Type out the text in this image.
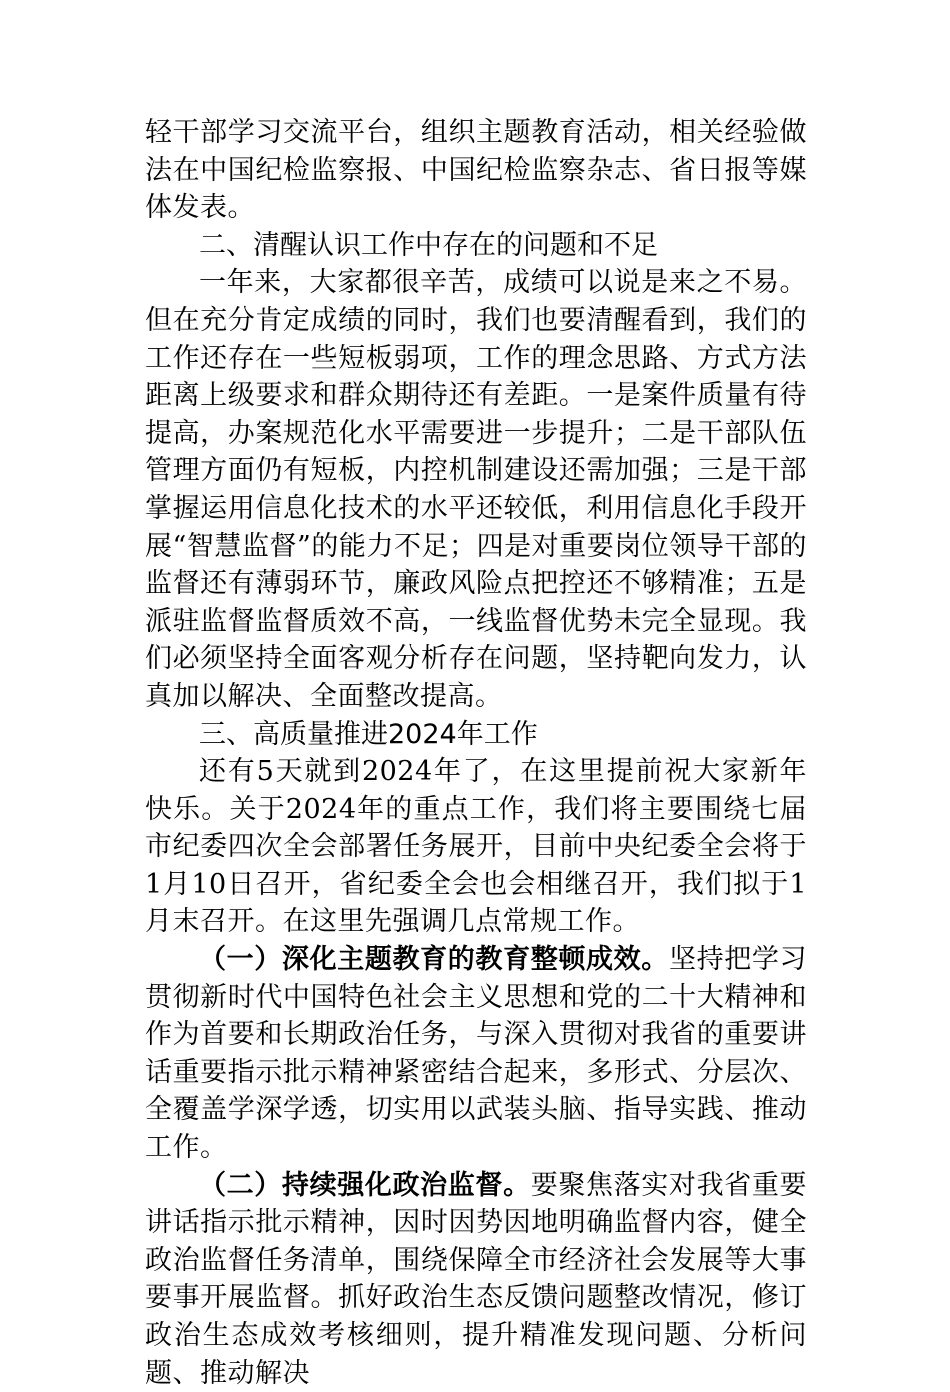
轻干部学习交流平台，组织主题教育活动，相关经验做法在中国纪检监察报、中国纪检监察杂志、省日报等媒体发表。

二、清醒认识工作中存在的问题和不足

一年来，大家都很辛苦，成绩可以说是来之不易。但在充分肯定成绩的同时，我们也要清醒看到，我们的工作还存在一些短板弱项，工作的理念思路、方式方法距离上级要求和群众期待还有差距。一是案件质量有待提高，办案规范化水平需要进一步提升；二是干部队伍管理方面仍有短板，内控机制建设还需加强；三是干部掌握运用信息化技术的水平还较低，利用信息化手段开展“智慧监督”的能力不足；四是对重要岗位领导干部的监督还有薄弱环节，廉政风险点把控还不够精准；五是派驻监督监督质效不高，一线监督优势未完全显现。我们必须坚持全面客观分析存在问题，坚持靶向发力，认真加以解决、全面整改提高。

三、高质量推进2024年工作

还有5天就到2024年了，在这里提前祝大家新年快乐。关于2024年的重点工作，我们将主要围绕七届市纪委四次全会部署任务展开，目前中央纪委全会将于1月10日召开，省纪委全会也会相继召开，我们拟于1月末召开。在这里先强调几点常规工作。

（一）深化主题教育的教育整顿成效。坚持把学习贯彻新时代中国特色社会主义思想和党的二十大精神和作为首要和长期政治任务，与深入贯彻对我省的重要讲话重要指示批示精神紧密结合起来，多形式、分层次、全覆盖学深学透，切实用以武装头脑、指导实践、推动工作。

（二）持续强化政治监督。要聚焦落实对我省重要讲话指示批示精神，因时因势因地明确监督内容，健全政治监督任务清单，围绕保障全市经济社会发展等大事要事开展监督。抓好政治生态反馈问题整改情况，修订政治生态成效考核细则，提升精准发现问题、分析问题、推动解决
